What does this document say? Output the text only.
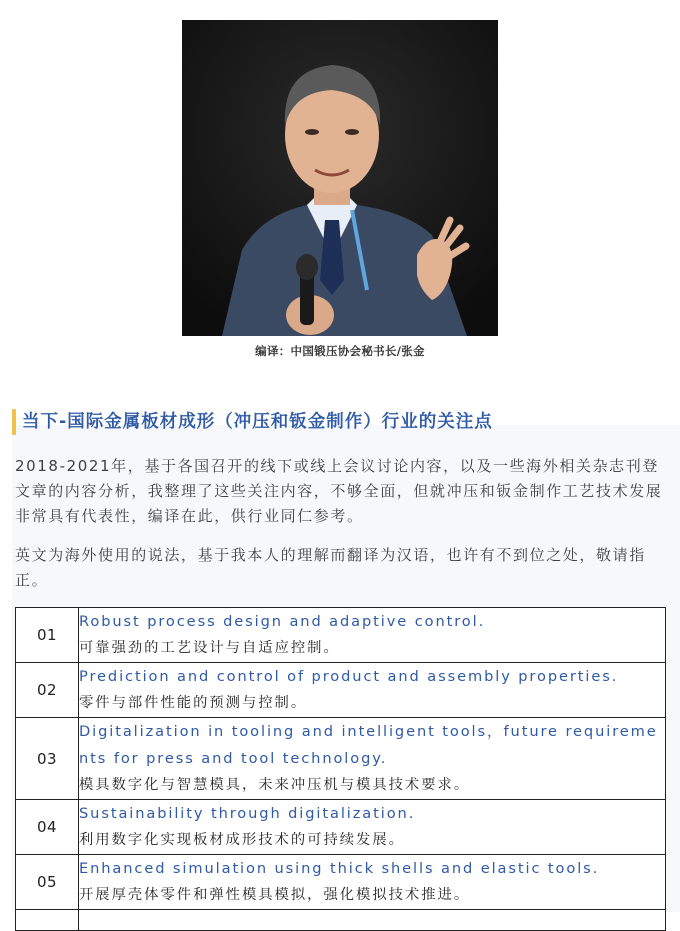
编译：中国锻压协会秘书长/张金
当下-国际金属板材成形（冲压和钣金制作）行业的关注点
2018-2021年，基于各国召开的线下或线上会议讨论内容，以及一些海外相关杂志刊登文章的内容分析，我整理了这些关注内容，不够全面，但就冲压和钣金制作工艺技术发展非常具有代表性，编译在此，供行业同仁参考。
英文为海外使用的说法，基于我本人的理解而翻译为汉语，也许有不到位之处，敬请指正。
01	Robust process design and adaptive control.
可靠强劲的工艺设计与自适应控制。

02	Prediction and control of product and assembly properties.
零件与部件性能的预测与控制。

03	Digitalization in tooling and intelligent tools，future requirements for press and tool technology.
模具数字化与智慧模具，未来冲压机与模具技术要求。

04	Sustainability through digitalization.
利用数字化实现板材成形技术的可持续发展。

05	Enhanced simulation using thick shells and elastic tools.
开展厚壳体零件和弹性模具模拟，强化模拟技术推进。
